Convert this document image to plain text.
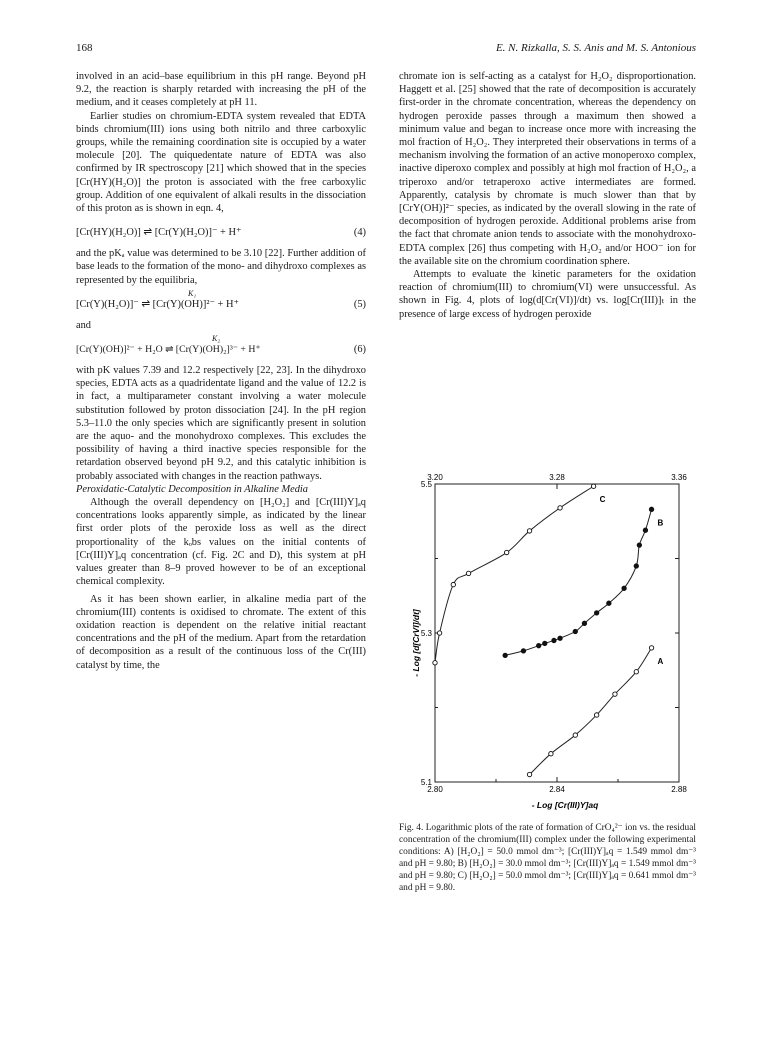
168	E. N. Rizkalla, S. S. Anis and M. S. Antonious

involved in an acid–base equilibrium in this pH range. Beyond pH 9.2, the reaction is sharply retarded with increasing the pH of the medium, and it ceases completely at pH 11.

Earlier studies on chromium-EDTA system revealed that EDTA binds chromium(III) ions using both nitrilo and three carboxylic groups, while the remaining coordination site is occupied by a water molecule [20]. The quiquedentate nature of EDTA was also confirmed by IR spectroscopy [21] which showed that in the species [Cr(HY)(H₂O)] the proton is associated with the free carboxylic group. Addition of one equivalent of alkali results in the dissociation of this proton as is shown in eqn. 4,

[Cr(HY)(H₂O)] ⇌ [Cr(Y)(H₂O)]⁻ + H⁺	(4)

and the pKₐ value was determined to be 3.10 [22]. Further addition of base leads to the formation of the mono- and dihydroxo complexes as represented by the equilibria,

K₁
[Cr(Y)(H₂O)]⁻ ⇌ [Cr(Y)(OH)]²⁻ + H⁺	(5)

and

K₂
[Cr(Y)(OH)]²⁻ + H₂O ⇌ [Cr(Y)(OH)₂]³⁻ + H⁺	(6)

with pK values 7.39 and 12.2 respectively [22, 23]. In the dihydroxo species, EDTA acts as a quadridentate ligand and the value of 12.2 is in fact, a multiparameter constant involving a water molecule substitution followed by proton dissociation [24]. In the pH region 5.3–11.0 the only species which are significantly present in solution are the aquo- and the monohydroxo complexes. This excludes the possibility of having a third inactive species responsible for the retardation observed beyond pH 9.2, and this catalytic inhibition is probably associated with changes in the reaction pathways.

Peroxidatic-Catalytic Decomposition in Alkaline Media

Although the overall dependency on [H₂O₂] and [Cr(III)Y]ₐq concentrations looks apparently simple, as indicated by the linear first order plots of the peroxide loss as well as the direct proportionality of the kₒbs values on the initial contents of [Cr(III)Y]ₐq concentration (cf. Fig. 2C and D), this system at pH values greater than 8–9 proved however to be of an exceptional chemical complexity.

As it has been shown earlier, in alkaline media part of the chromium(III) contents is oxidised to chromate. The extent of this oxidation reaction is dependent on the relative initial reactant concentrations and the pH of the medium. Apart from the retardation of decomposition as a result of the continuous loss of the Cr(III) catalyst by time, the

chromate ion is self-acting as a catalyst for H₂O₂ disproportionation. Haggett et al. [25] showed that the rate of decomposition is accurately first-order in the chromate concentration, whereas the dependency on hydrogen peroxide passes through a maximum then showed a minimum value and began to increase once more with increasing the mol fraction of H₂O₂. They interpreted their observations in terms of a mechanism involving the formation of an active monoperoxo complex, inactive diperoxo complex and possibly at high mol fraction of H₂O₂, a triperoxo and/or tetraperoxo active intermediates are formed. Apparently, catalysis by chromate is much slower than that by [CrY(OH)]²⁻ species, as indicated by the overall slowing in the rate of decomposition of hydrogen peroxide. Additional problems arise from the fact that chromate anion tends to associate with the monohydroxo-EDTA complex [26] thus competing with H₂O₂ and/or HOO⁻ ion for the available site on the chromium coordination sphere.

Attempts to evaluate the kinetic parameters for the oxidation reaction of chromium(III) to chromium(VI) were unsuccessful. As shown in Fig. 4, plots of log(d[Cr(VI)]/dt) vs. log[Cr(III)]ₜ in the presence of large excess of hydrogen peroxide

2.80	2.84	2.88
3.20	3.28	3.36
5.5
5.3
5.1
- Log [Cr(III)Y]aq
- Log [d[CrVI]/dt]	A
B
C
Fig. 4. Logarithmic plots of the rate of formation of CrO₄²⁻ ion vs. the residual concentration of the chromium(III) complex under the following experimental conditions: A) [H₂O₂] = 50.0 mmol dm⁻³; [Cr(III)Y]ₐq = 1.549 mmol dm⁻³ and pH = 9.80; B) [H₂O₂] = 30.0 mmol dm⁻³; [Cr(III)Y]ₐq = 1.549 mmol dm⁻³ and pH = 9.80; C) [H₂O₂] = 50.0 mmol dm⁻³; [Cr(III)Y]ₐq = 0.641 mmol dm⁻³ and pH = 9.80.
